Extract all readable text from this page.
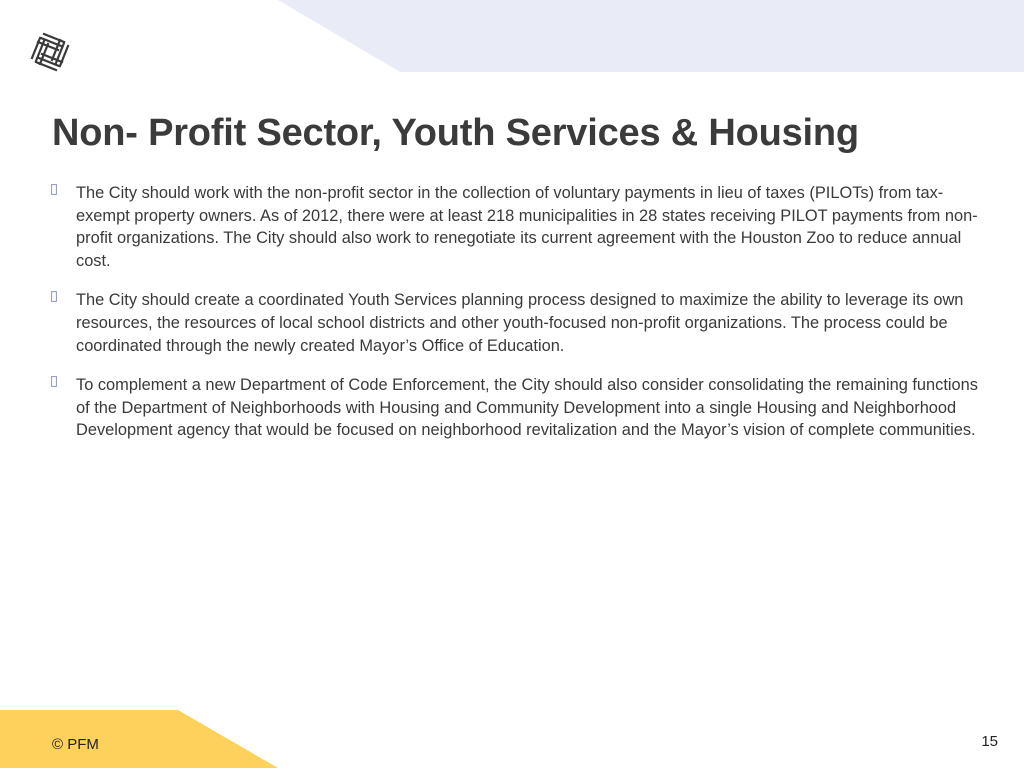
Non- Profit Sector, Youth Services & Housing
The City should work with the non-profit sector in the collection of voluntary payments in lieu of taxes (PILOTs) from tax-exempt property owners. As of 2012, there were at least 218 municipalities in 28 states receiving PILOT payments from non-profit organizations. The City should also work to renegotiate its current agreement with the Houston Zoo to reduce annual cost.
The City should create a coordinated Youth Services planning process designed to maximize the ability to leverage its own resources, the resources of local school districts and other youth-focused non-profit organizations. The process could be coordinated through the newly created Mayor’s Office of Education.
To complement a new Department of Code Enforcement, the City should also consider consolidating the remaining functions of the Department of Neighborhoods with Housing and Community Development into a single Housing and Neighborhood Development agency that would be focused on neighborhood revitalization and the Mayor’s vision of complete communities.
© PFM	15
